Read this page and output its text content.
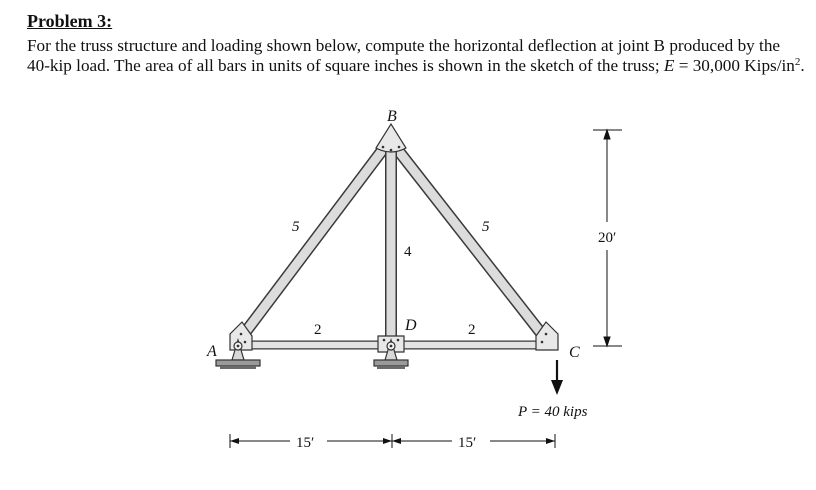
Problem 3:
For the truss structure and loading shown below, compute the horizontal deflection at joint B produced by the 40-kip load. The area of all bars in units of square inches is shown in the sketch of the truss; E = 30,000 Kips/$in^2$.
B
A
D
C
5	5
4
2	2
20′
P = 40 kips
15′	15′
